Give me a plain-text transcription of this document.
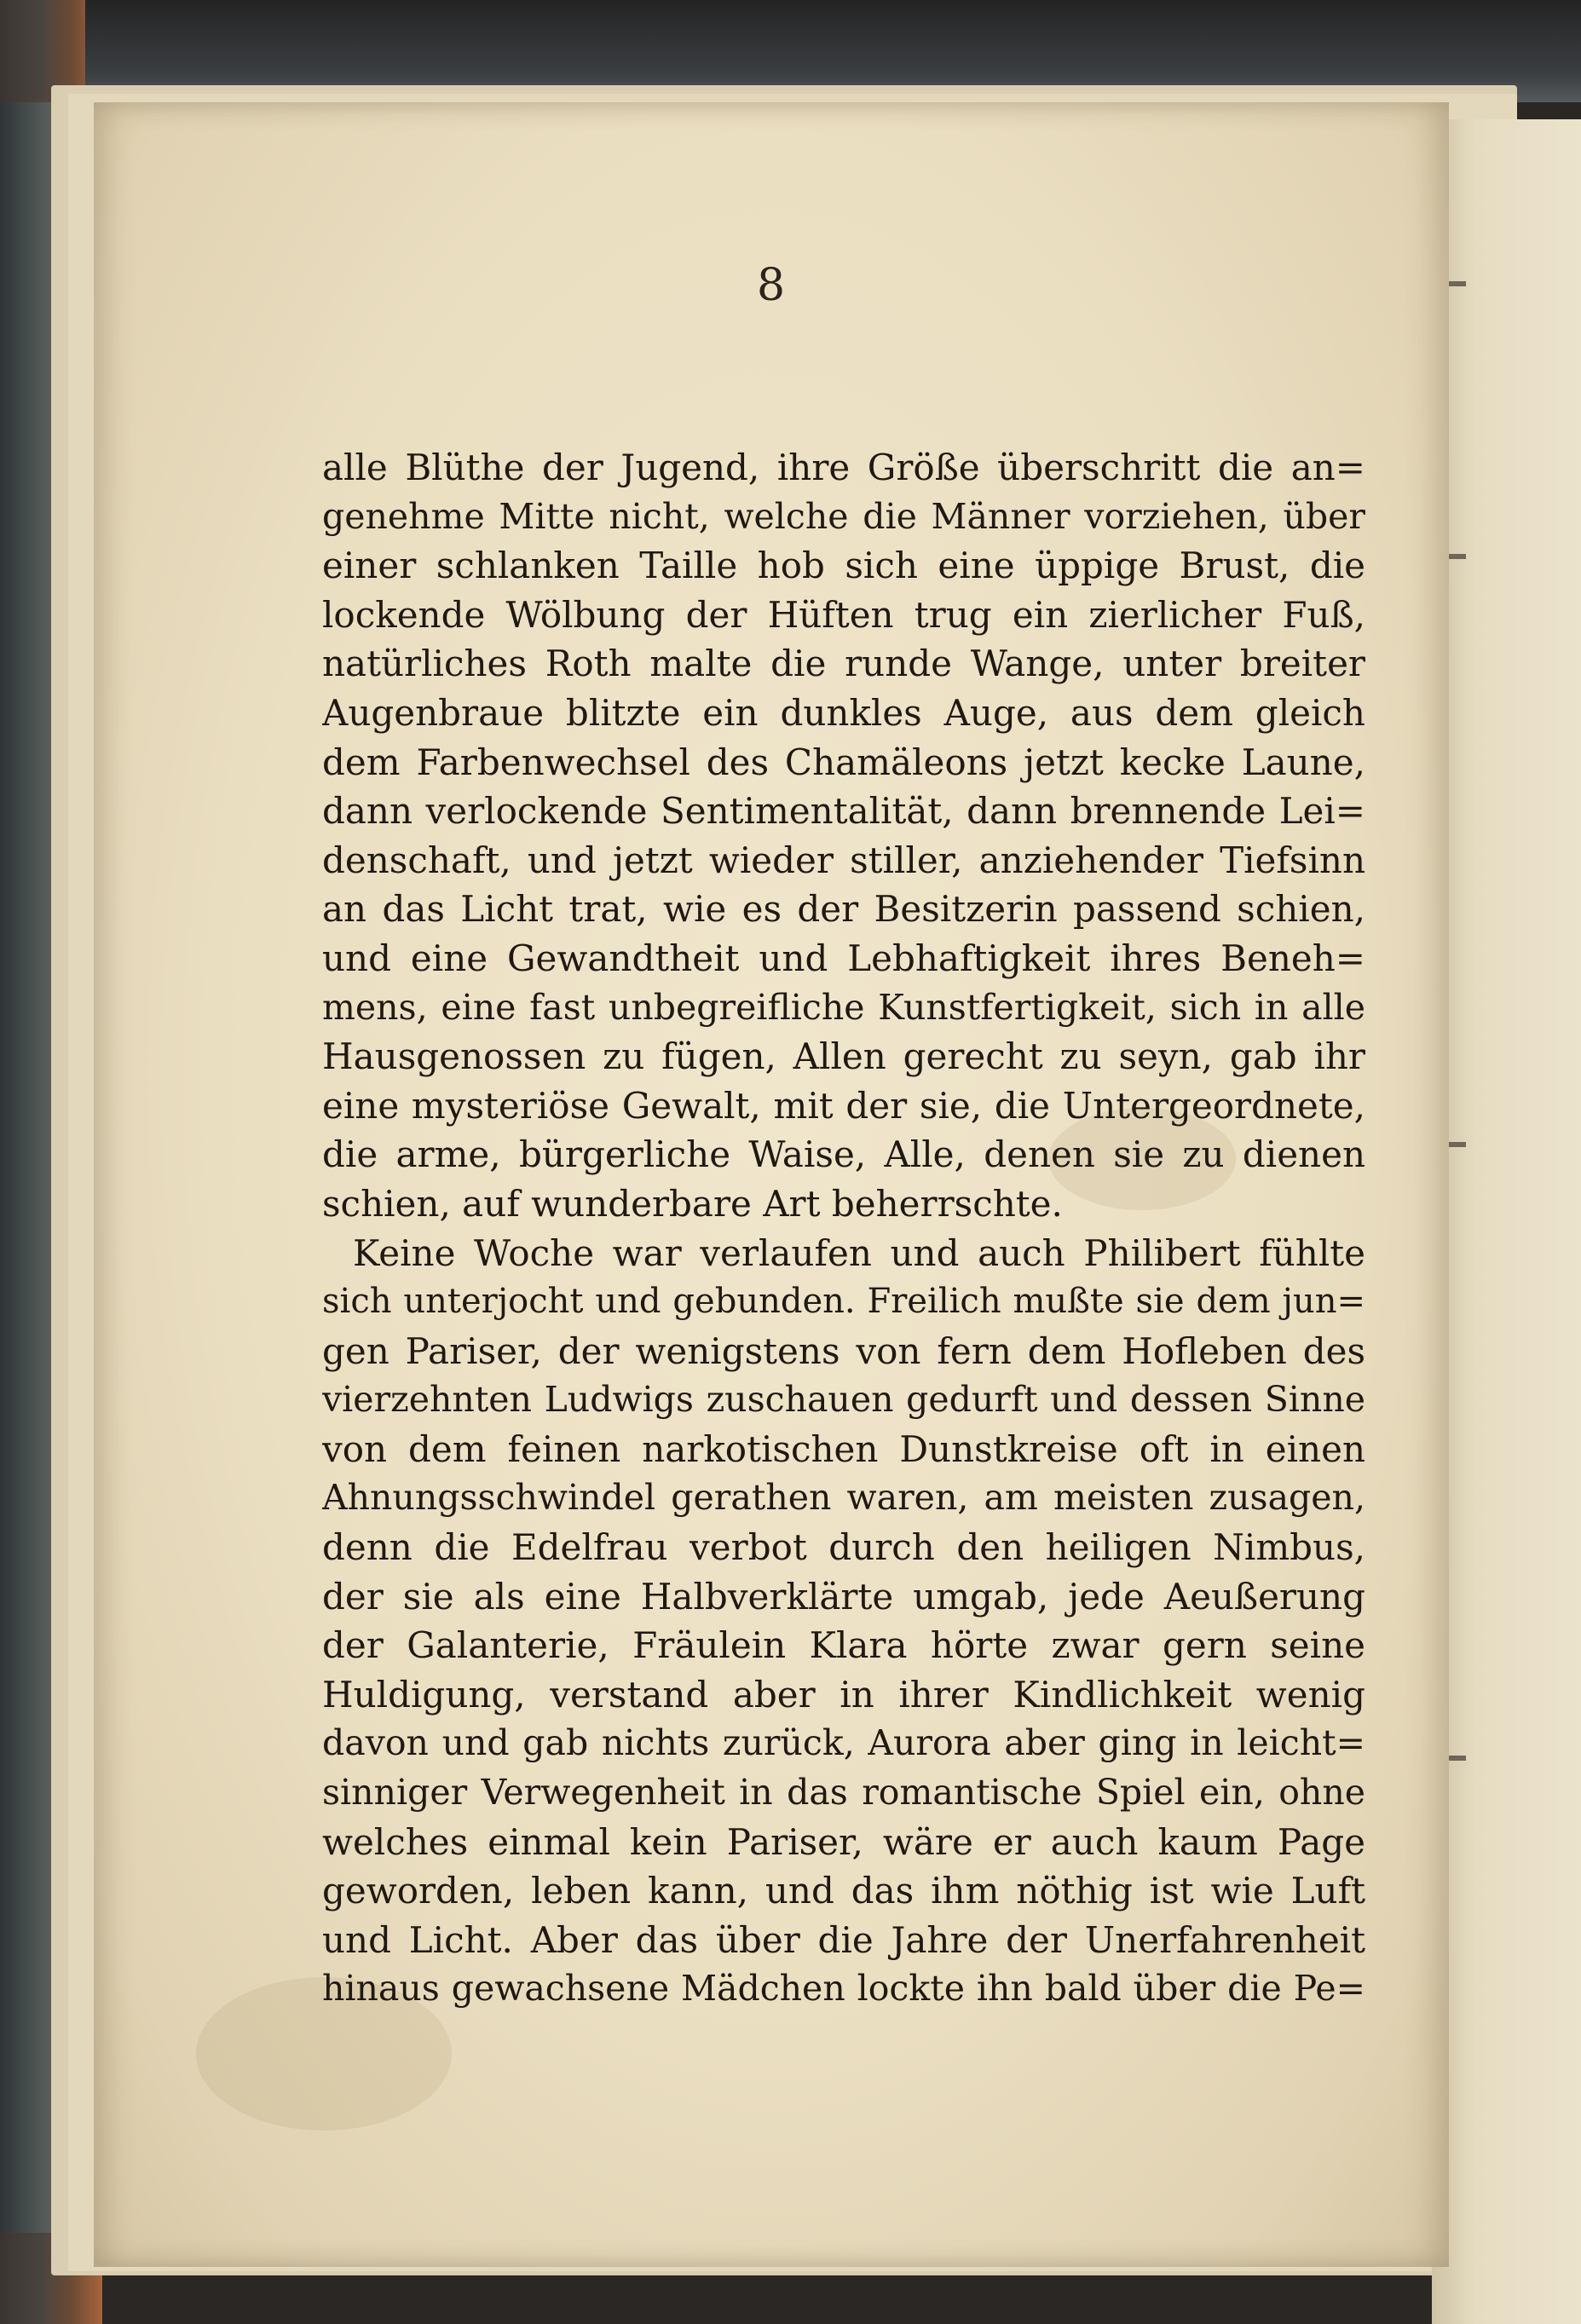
8
alle Blüthe der Jugend, ihre Größe überschritt die an=
genehme Mitte nicht, welche die Männer vorziehen, über
einer schlanken Taille hob sich eine üppige Brust, die
lockende Wölbung der Hüften trug ein zierlicher Fuß,
natürliches Roth malte die runde Wange, unter breiter
Augenbraue blitzte ein dunkles Auge, aus dem gleich
dem Farbenwechsel des Chamäleons jetzt kecke Laune,
dann verlockende Sentimentalität, dann brennende Lei=
denschaft, und jetzt wieder stiller, anziehender Tiefsinn
an das Licht trat, wie es der Besitzerin passend schien,
und eine Gewandtheit und Lebhaftigkeit ihres Beneh=
mens, eine fast unbegreifliche Kunstfertigkeit, sich in alle
Hausgenossen zu fügen, Allen gerecht zu seyn, gab ihr
eine mysteriöse Gewalt, mit der sie, die Untergeordnete,
die arme, bürgerliche Waise, Alle, denen sie zu dienen
schien, auf wunderbare Art beherrschte.
Keine Woche war verlaufen und auch Philibert fühlte
sich unterjocht und gebunden. Freilich mußte sie dem jun=
gen Pariser, der wenigstens von fern dem Hofleben des
vierzehnten Ludwigs zuschauen gedurft und dessen Sinne
von dem feinen narkotischen Dunstkreise oft in einen
Ahnungsschwindel gerathen waren, am meisten zusagen,
denn die Edelfrau verbot durch den heiligen Nimbus,
der sie als eine Halbverklärte umgab, jede Aeußerung
der Galanterie, Fräulein Klara hörte zwar gern seine
Huldigung, verstand aber in ihrer Kindlichkeit wenig
davon und gab nichts zurück, Aurora aber ging in leicht=
sinniger Verwegenheit in das romantische Spiel ein, ohne
welches einmal kein Pariser, wäre er auch kaum Page
geworden, leben kann, und das ihm nöthig ist wie Luft
und Licht. Aber das über die Jahre der Unerfahrenheit
hinaus gewachsene Mädchen lockte ihn bald über die Pe=
